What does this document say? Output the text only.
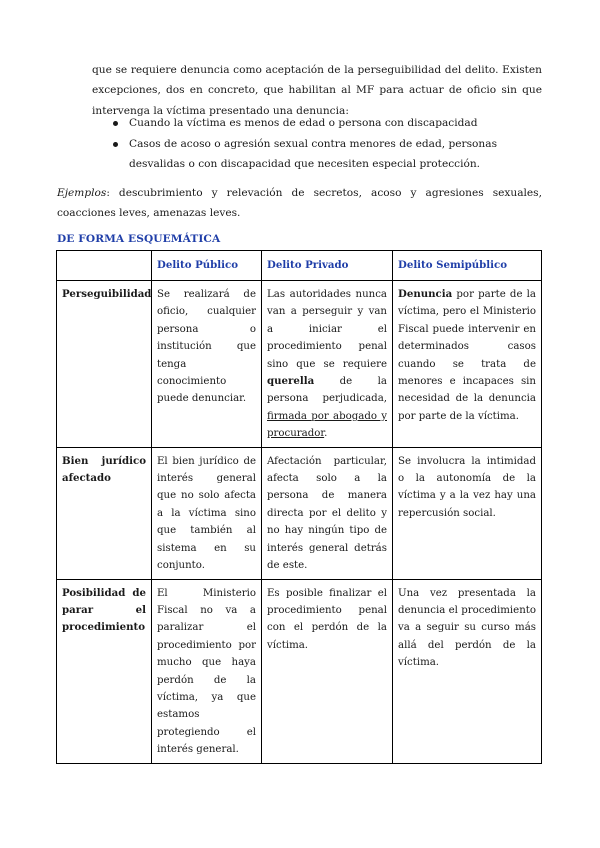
que se requiere denuncia como aceptación de la perseguibilidad del delito. Existen excepciones, dos en concreto, que habilitan al MF para actuar de oficio sin que intervenga la víctima presentado una denuncia:

Cuando la víctima es menos de edad o persona con discapacidad
Casos de acoso o agresión sexual contra menores de edad, personas desvalidas o con discapacidad que necesiten especial protección.

Ejemplos: descubrimiento y relevación de secretos, acoso y agresiones sexuales, coacciones leves, amenazas leves.

DE FORMA ESQUEMÁTICA
	Delito Público	Delito Privado	Delito Semipúblico
Perseguibilidad	Se realizará de oficio, cualquier persona o institución que tenga conocimiento puede denunciar.	Las autoridades nunca van a perseguir y van a iniciar el procedimiento penal sino que se requiere querella de la persona perjudicada, firmada por abogado y procurador.	Denuncia por parte de la víctima, pero el Ministerio Fiscal puede intervenir en determinados casos cuando se trata de menores e incapaces sin necesidad de la denuncia por parte de la víctima.
Bien jurídico afectado	El bien jurídico de interés general que no solo afecta a la víctima sino que también al sistema en su conjunto.	Afectación particular, afecta solo a la persona de manera directa por el delito y no hay ningún tipo de interés general detrás de este.	Se involucra la intimidad o la autonomía de la víctima y a la vez hay una repercusión social.
Posibilidad de parar el procedimiento	El Ministerio Fiscal no va a paralizar el procedimiento por mucho que haya perdón de la víctima, ya que estamos protegiendo el interés general.	Es posible finalizar el procedimiento penal con el perdón de la víctima.	Una vez presentada la denuncia el procedimiento va a seguir su curso más allá del perdón de la víctima.
